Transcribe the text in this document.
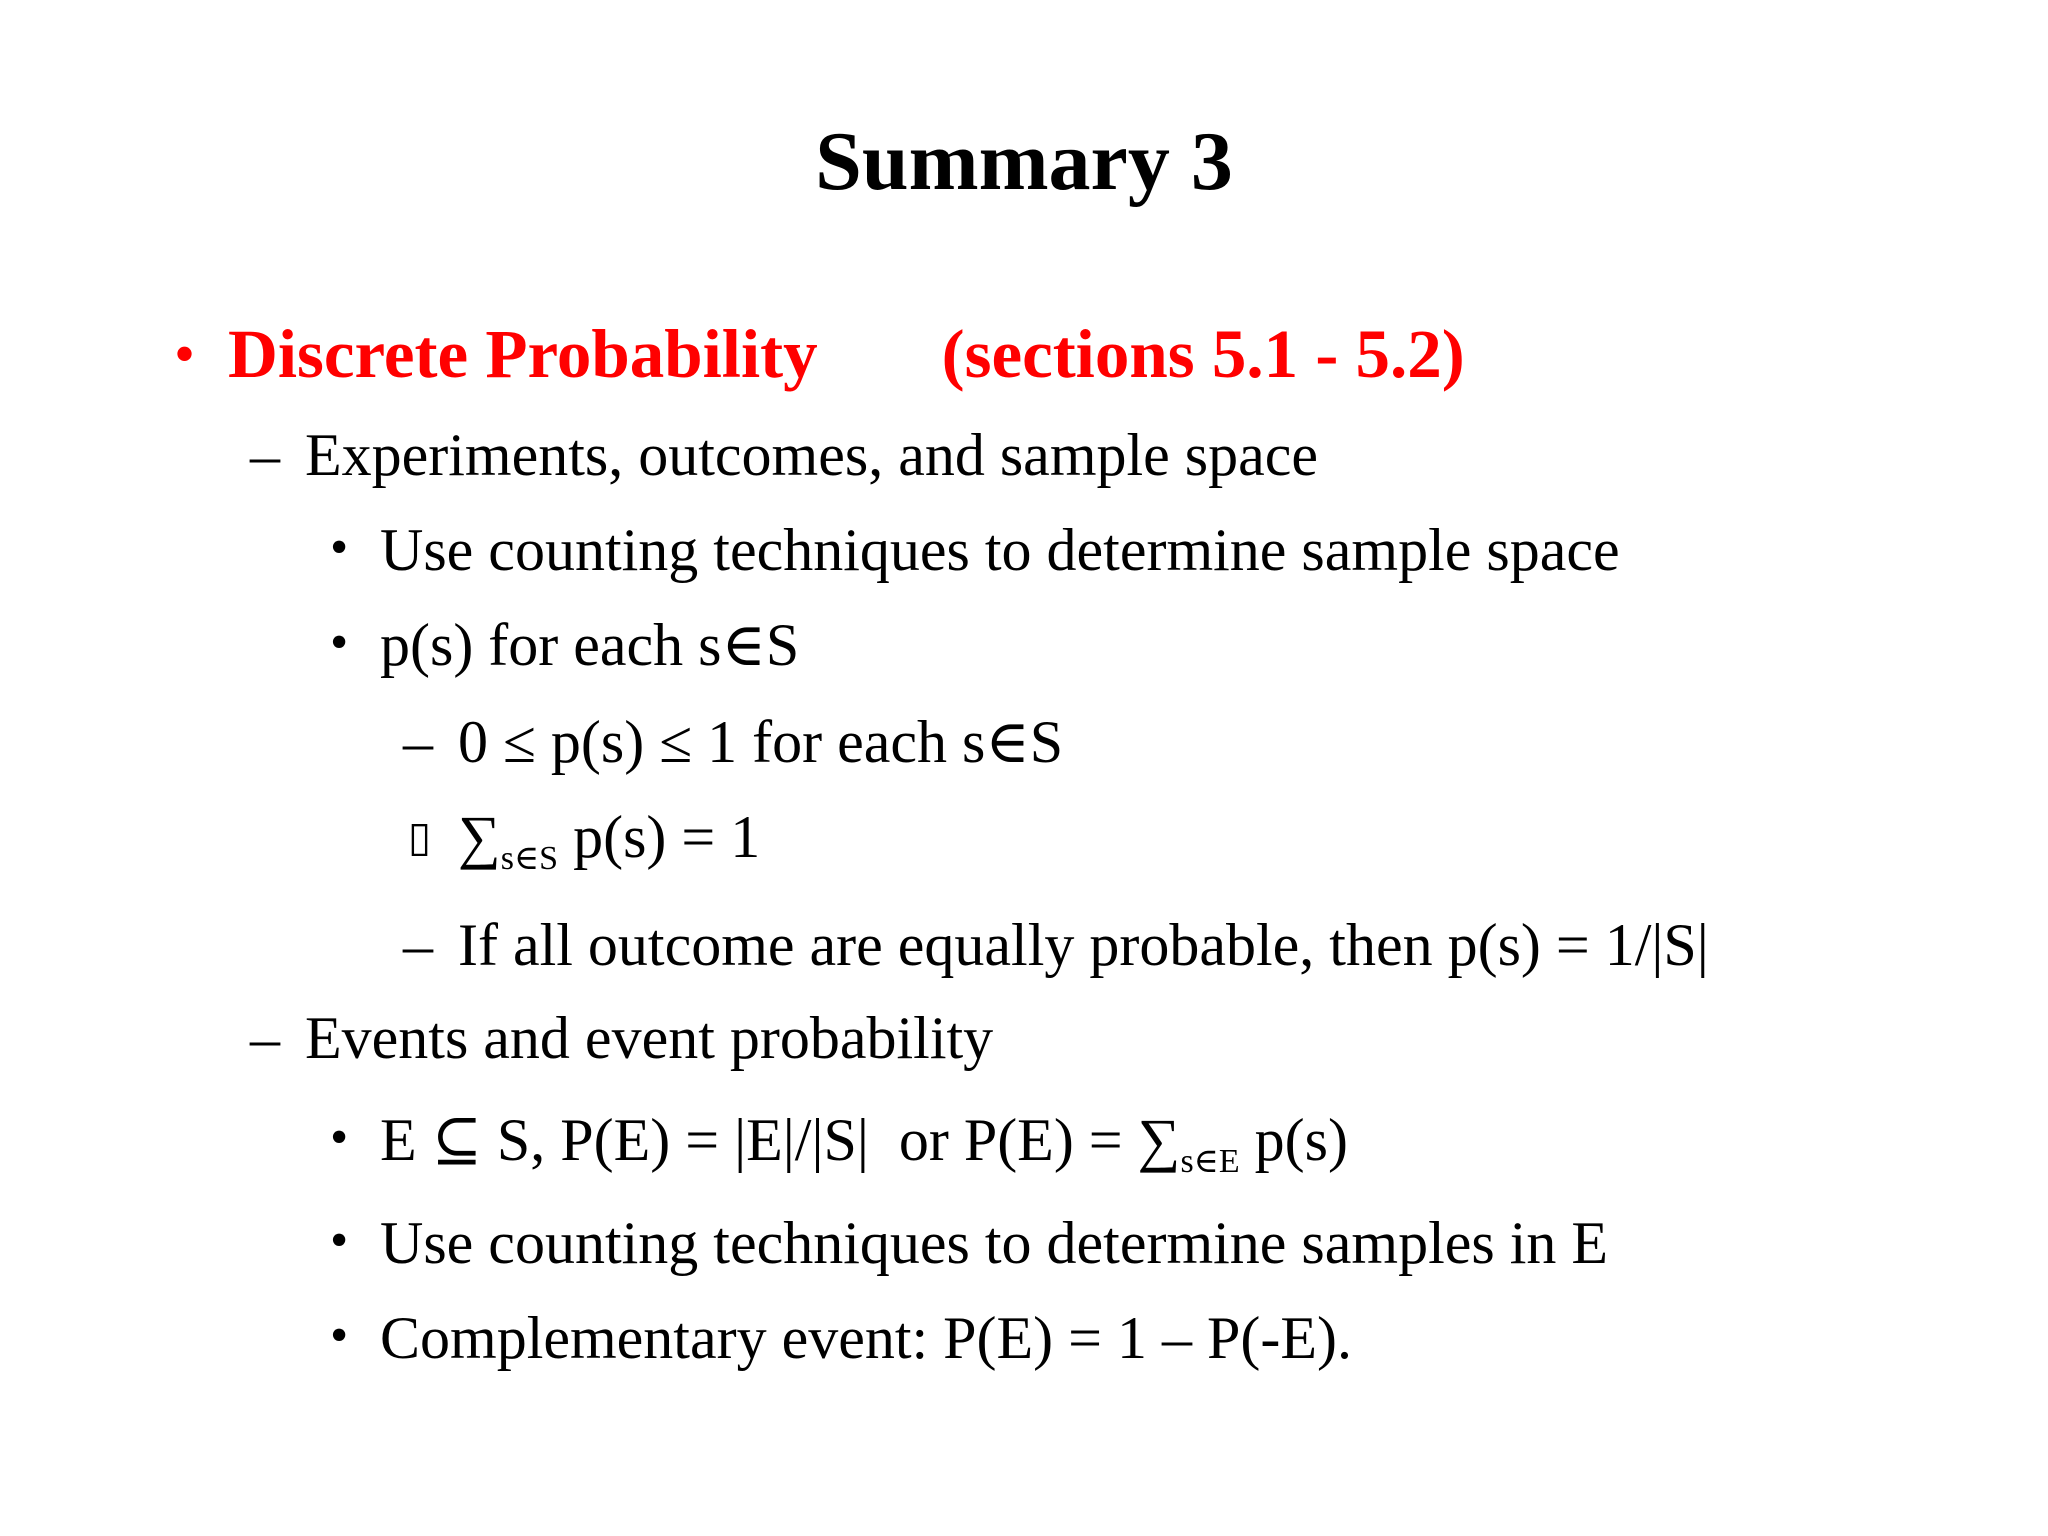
Summary 3
• Discrete Probability (sections 5.1 - 5.2)
– Experiments, outcomes, and sample space
• Use counting techniques to determine sample space
• p(s) for each s∈S
– 0 ≤ p(s) ≤ 1 for each s∈S
▯ $\sum_{s\in S}$ p(s) = 1
– If all outcome are equally probable, then p(s) = 1/|S|
– Events and event probability
• E ⊆ S, P(E) = |E|/|S|  or $P(E) = \sum_{s\in E}$ p(s)
• Use counting techniques to determine samples in E
• Complementary event: P(E) = 1 – P(-E).
